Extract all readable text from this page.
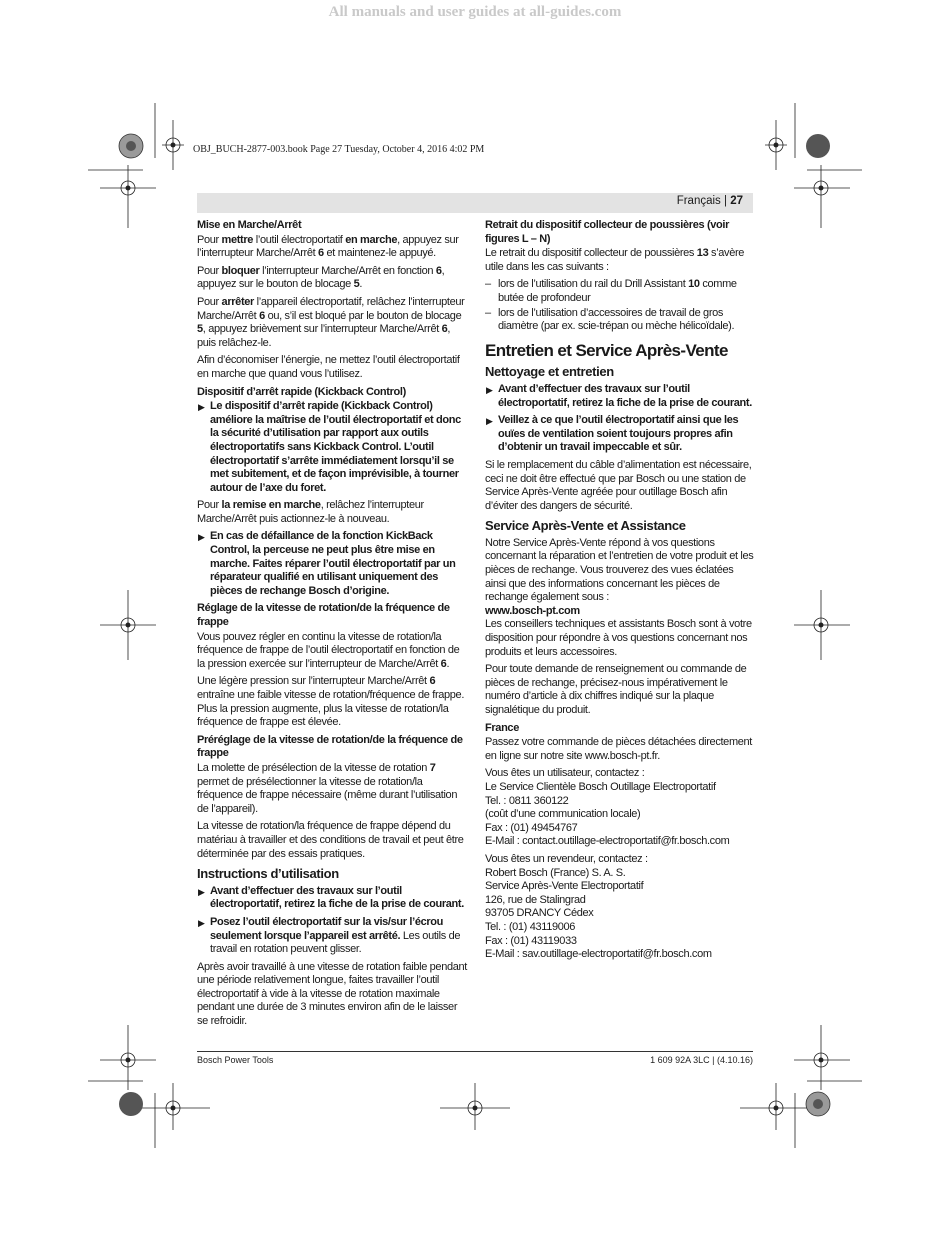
All manuals and user guides at all-guides.com
OBJ_BUCH-2877-003.book Page 27 Tuesday, October 4, 2016 4:02 PM
Français | 27
Mise en Marche/Arrêt

Pour mettre l’outil électroportatif en marche, appuyez sur l’interrupteur Marche/Arrêt 6 et maintenez-le appuyé.

Pour bloquer l’interrupteur Marche/Arrêt en fonction 6, appuyez sur le bouton de blocage 5.

Pour arrêter l’appareil électroportatif, relâchez l’interrupteur Marche/Arrêt 6 ou, s’il est bloqué par le bouton de blocage 5, appuyez brièvement sur l’interrupteur Marche/Arrêt 6, puis relâchez-le.

Afin d’économiser l’énergie, ne mettez l’outil électroportatif en marche que quand vous l’utilisez.

Dispositif d’arrêt rapide (Kickback Control)
▶ Le dispositif d’arrêt rapide (Kickback Control) améliore la maîtrise de l’outil électroportatif et donc la sécurité d’utilisation par rapport aux outils électroportatifs sans Kickback Control. L’outil électroportatif s’arrête immédiatement lorsqu’il se met subitement, et de façon imprévisible, à tourner autour de l’axe du foret.

Pour la remise en marche, relâchez l’interrupteur Marche/Arrêt puis actionnez-le à nouveau.

▶ En cas de défaillance de la fonction KickBack Control, la perceuse ne peut plus être mise en marche. Faites réparer l’outil électroportatif par un réparateur qualifié en utilisant uniquement des pièces de rechange Bosch d’origine.
Réglage de la vitesse de rotation/de la fréquence de frappe

Vous pouvez régler en continu la vitesse de rotation/la fréquence de frappe de l’outil électroportatif en fonction de la pression exercée sur l’interrupteur de Marche/Arrêt 6.

Une légère pression sur l’interrupteur Marche/Arrêt 6 entraîne une faible vitesse de rotation/fréquence de frappe. Plus la pression augmente, plus la vitesse de rotation/la fréquence de frappe est élevée.

Préréglage de la vitesse de rotation/de la fréquence de frappe

La molette de présélection de la vitesse de rotation 7 permet de présélectionner la vitesse de rotation/la fréquence de frappe nécessaire (même durant l’utilisation de l’appareil).

La vitesse de rotation/la fréquence de frappe dépend du matériau à travailler et des conditions de travail et peut être déterminée par des essais pratiques.

Instructions d’utilisation
▶ Avant d’effectuer des travaux sur l’outil électroportatif, retirez la fiche de la prise de courant.
▶ Posez l’outil électroportatif sur la vis/sur l’écrou seulement lorsque l’appareil est arrêté. Les outils de travail en rotation peuvent glisser.

Après avoir travaillé à une vitesse de rotation faible pendant une période relativement longue, faites travailler l’outil électroportatif à vide à la vitesse de rotation maximale pendant une durée de 3 minutes environ afin de le laisser se refroidir.

Retrait du dispositif collecteur de poussières (voir figures L – N)

Le retrait du dispositif collecteur de poussières 13 s’avère utile dans les cas suivants :

– lors de l’utilisation du rail du Drill Assistant 10 comme butée de profondeur
– lors de l’utilisation d’accessoires de travail de gros diamètre (par ex. scie-trépan ou mèche hélicoïdale).
Entretien et Service Après-Vente
Nettoyage et entretien
▶ Avant d’effectuer des travaux sur l’outil électroportatif, retirez la fiche de la prise de courant.
▶ Veillez à ce que l’outil électroportatif ainsi que les ouïes de ventilation soient toujours propres afin d’obtenir un travail impeccable et sûr.

Si le remplacement du câble d’alimentation est nécessaire, ceci ne doit être effectué que par Bosch ou une station de Service Après-Vente agréée pour outillage Bosch afin d’éviter des dangers de sécurité.

Service Après-Vente et Assistance

Notre Service Après-Vente répond à vos questions concernant la réparation et l’entretien de votre produit et les pièces de rechange. Vous trouverez des vues éclatées ainsi que des informations concernant les pièces de rechange également sous :

www.bosch-pt.com

Les conseillers techniques et assistants Bosch sont à votre disposition pour répondre à vos questions concernant nos produits et leurs accessoires.

Pour toute demande de renseignement ou commande de pièces de rechange, précisez-nous impérativement le numéro d’article à dix chiffres indiqué sur la plaque signalétique du produit.

France

Passez votre commande de pièces détachées directement en ligne sur notre site www.bosch-pt.fr.

Vous êtes un utilisateur, contactez :

Le Service Clientèle Bosch Outillage Electroportatif

Tel. : 0811 360122

(coût d’une communication locale)

Fax : (01) 49454767

E-Mail : contact.outillage-electroportatif@fr.bosch.com

Vous êtes un revendeur, contactez :

Robert Bosch (France) S. A. S.

Service Après-Vente Electroportatif

126, rue de Stalingrad

93705 DRANCY Cédex

Tel. : (01) 43119006

Fax : (01) 43119033

E-Mail : sav.outillage-electroportatif@fr.bosch.com

Bosch Power Tools	1 609 92A 3LC | (4.10.16)
